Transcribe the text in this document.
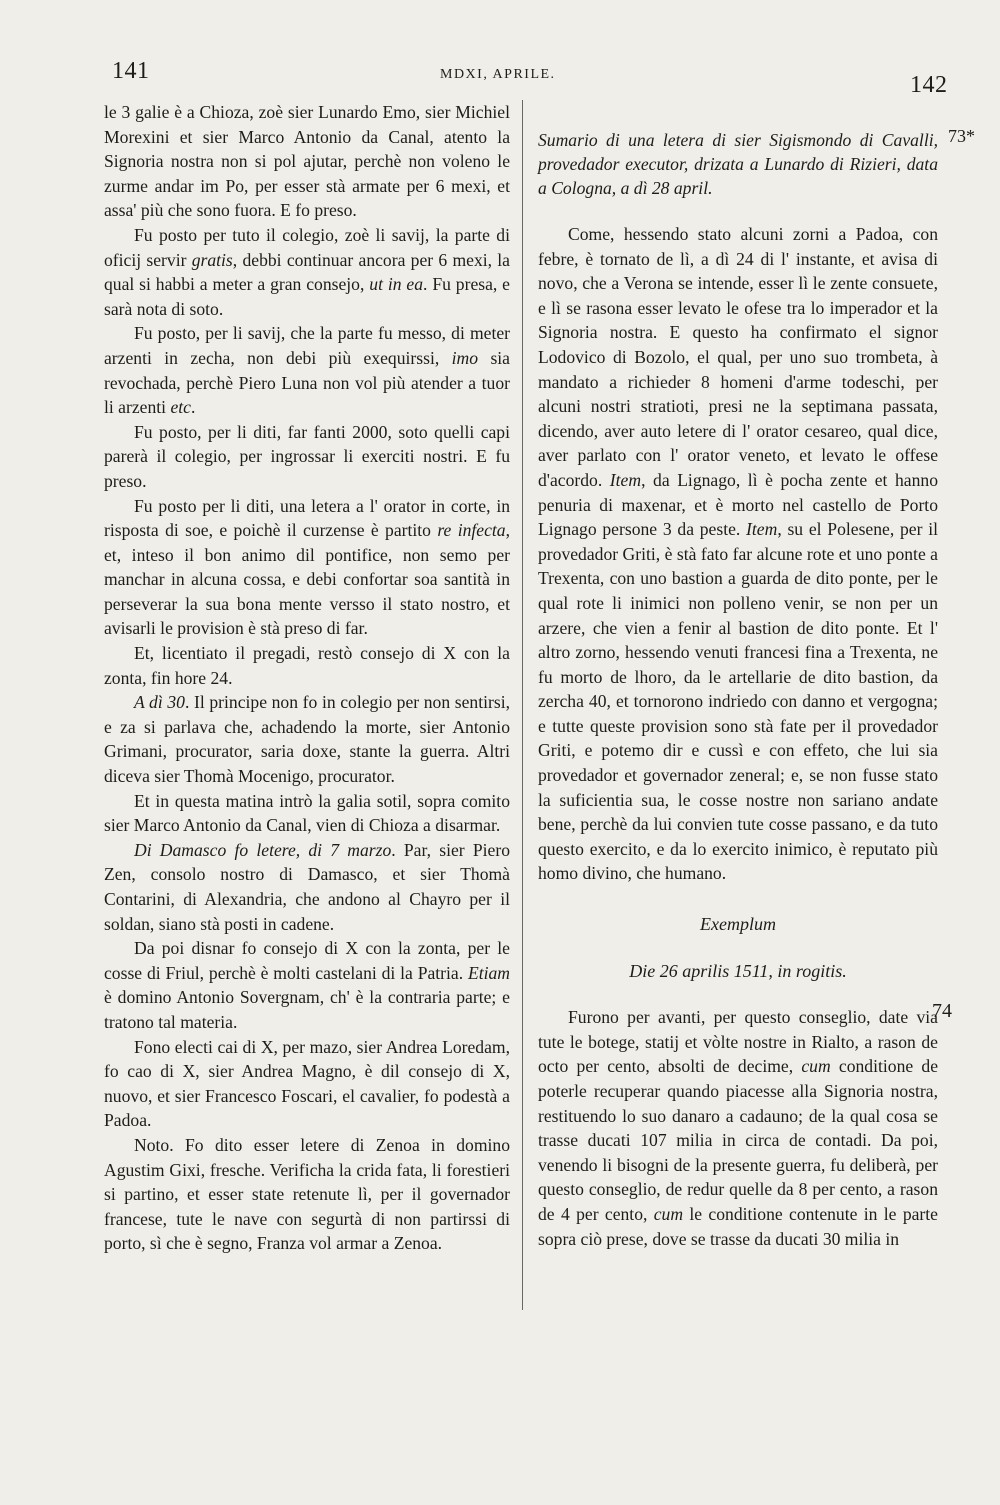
141	MDXI, APRILE.	142
73*
74

le 3 galie è a Chioza, zoè sier Lunardo Emo, sier Michiel Morexini et sier Marco Antonio da Canal, atento la Signoria nostra non si pol ajutar, perchè non voleno le zurme andar im Po, per esser stà armate per 6 mexi, et assa' più che sono fuora. E fo preso.

Fu posto per tuto il colegio, zoè li savij, la parte di oficij servir gratis, debbi continuar ancora per 6 mexi, la qual si habbi a meter a gran consejo, ut in ea. Fu presa, e sarà nota di soto.

Fu posto, per li savij, che la parte fu messo, di meter arzenti in zecha, non debi più exequirssi, imo sia revochada, perchè Piero Luna non vol più atender a tuor li arzenti etc.

Fu posto, per li diti, far fanti 2000, soto quelli capi parerà il colegio, per ingrossar li exerciti nostri. E fu preso.

Fu posto per li diti, una letera a l' orator in corte, in risposta di soe, e poichè il curzense è partito re infecta, et, inteso il bon animo dil pontifice, non semo per manchar in alcuna cossa, e debi confortar soa santità in perseverar la sua bona mente versso il stato nostro, et avisarli le provision è stà preso di far.

Et, licentiato il pregadi, restò consejo di X con la zonta, fin hore 24.

A dì 30. Il principe non fo in colegio per non sentirsi, e za si parlava che, achadendo la morte, sier Antonio Grimani, procurator, saria doxe, stante la guerra. Altri diceva sier Thomà Mocenigo, procurator.

Et in questa matina intrò la galia sotil, sopra comito sier Marco Antonio da Canal, vien di Chioza a disarmar.

Di Damasco fo letere, di 7 marzo. Par, sier Piero Zen, consolo nostro di Damasco, et sier Thomà Contarini, di Alexandria, che andono al Chayro per il soldan, siano stà posti in cadene.

Da poi disnar fo consejo di X con la zonta, per le cosse di Friul, perchè è molti castelani di la Patria. Etiam è domino Antonio Sovergnam, ch' è la contraria parte; e tratono tal materia.

Fono electi cai di X, per mazo, sier Andrea Loredam, fo cao di X, sier Andrea Magno, è dil consejo di X, nuovo, et sier Francesco Foscari, el cavalier, fo podestà a Padoa.

Noto. Fo dito esser letere di Zenoa in domino Agustim Gixi, fresche. Verificha la crida fata, li forestieri si partino, et esser state retenute lì, per il governador francese, tute le nave con segurtà di non partirssi di porto, sì che è segno, Franza vol armar a Zenoa.

Sumario di una letera di sier Sigismondo di Cavalli, provedador executor, drizata a Lunardo di Rizieri, data a Cologna, a dì 28 april.

Come, hessendo stato alcuni zorni a Padoa, con febre, è tornato de lì, a dì 24 di l' instante, et avisa di novo, che a Verona se intende, esser lì le zente consuete, e lì se rasona esser levato le ofese tra lo imperador et la Signoria nostra. E questo ha confirmato el signor Lodovico di Bozolo, el qual, per uno suo trombeta, à mandato a richieder 8 homeni d'arme todeschi, per alcuni nostri stratioti, presi ne la septimana passata, dicendo, aver auto letere di l' orator cesareo, qual dice, aver parlato con l' orator veneto, et levato le offese d'acordo. Item, da Lignago, lì è pocha zente et hanno penuria di maxenar, et è morto nel castello de Porto Lignago persone 3 da peste. Item, su el Polesene, per il provedador Griti, è stà fato far alcune rote et uno ponte a Trexenta, con uno bastion a guarda de dito ponte, per le qual rote li inimici non polleno venir, se non per un arzere, che vien a fenir al bastion de dito ponte. Et l' altro zorno, hessendo venuti francesi fina a Trexenta, ne fu morto de lhoro, da le artellarie de dito bastion, da zercha 40, et tornorono indriedo con danno et vergogna; e tutte queste provision sono stà fate per il provedador Griti, e potemo dir e cussì e con effeto, che lui sia provedador et governador zeneral; e, se non fusse stato la suficientia sua, le cosse nostre non sariano andate bene, perchè da lui convien tute cosse passano, e da tuto questo exercito, e da lo exercito inimico, è reputato più homo divino, che humano.

Exemplum

Die 26 aprilis 1511, in rogitis.

Furono per avanti, per questo conseglio, date via tute le botege, statij et vòlte nostre in Rialto, a rason de octo per cento, absolti de decime, cum conditione de poterle recuperar quando piacesse alla Signoria nostra, restituendo lo suo danaro a cadauno; de la qual cosa se trasse ducati 107 milia in circa de contadi. Da poi, venendo li bisogni de la presente guerra, fu deliberà, per questo conseglio, de redur quelle da 8 per cento, a rason de 4 per cento, cum le conditione contenute in le parte sopra ciò prese, dove se trasse da ducati 30 milia in
